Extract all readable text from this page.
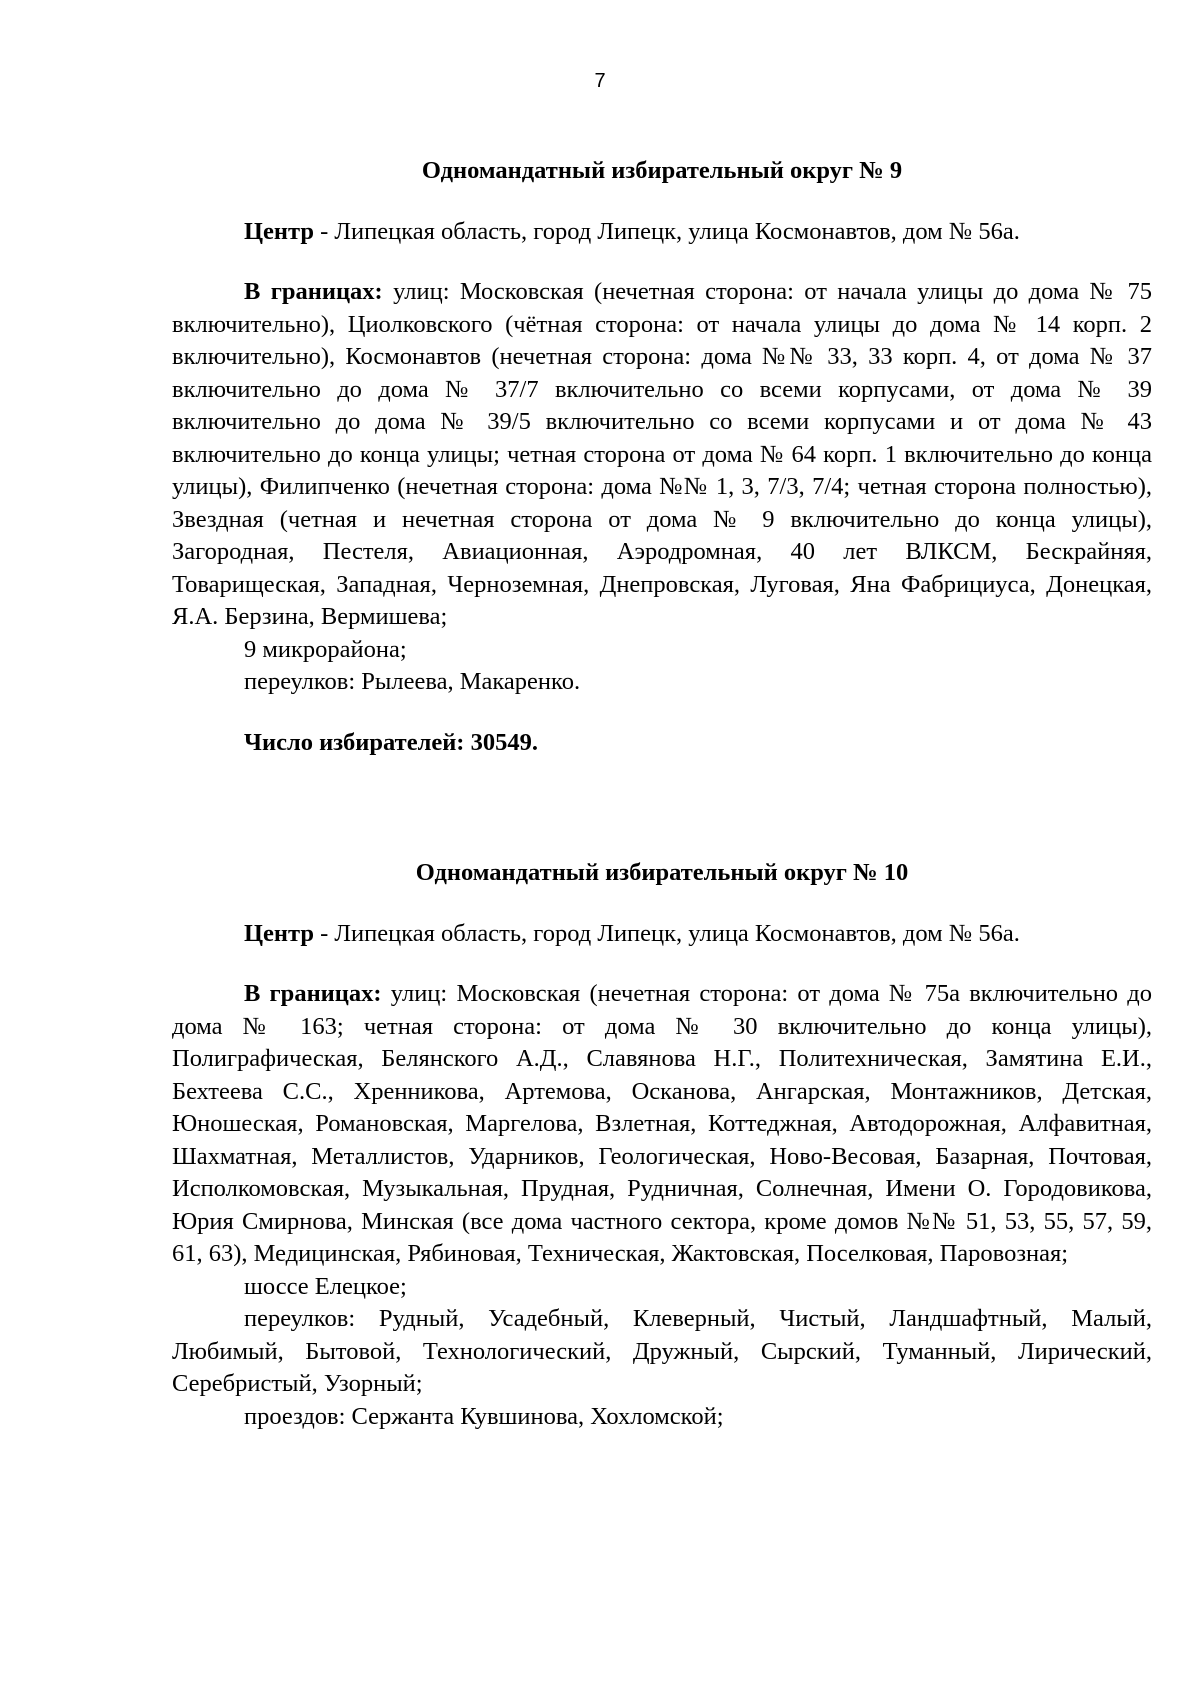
7

Одномандатный избирательный округ № 9

Центр - Липецкая область, город Липецк, улица Космонавтов, дом № 56а.

В границах: улиц: Московская (нечетная сторона: от начала улицы до дома № 75 включительно), Циолковского (чётная сторона: от начала улицы до дома № 14 корп. 2 включительно), Космонавтов (нечетная сторона: дома №№ 33, 33 корп. 4, от дома № 37 включительно до дома № 37/7 включительно со всеми корпусами, от дома № 39 включительно до дома № 39/5 включительно со всеми корпусами и от дома № 43 включительно до конца улицы; четная сторона от дома № 64 корп. 1 включительно до конца улицы), Филипченко (нечетная сторона: дома №№ 1, 3, 7/3, 7/4; четная сторона полностью), Звездная (четная и нечетная сторона от дома № 9 включительно до конца улицы), Загородная, Пестеля, Авиационная, Аэродромная, 40 лет ВЛКСМ, Бескрайняя, Товарищеская, Западная, Черноземная, Днепровская, Луговая, Яна Фабрициуса, Донецкая, Я.А. Берзина, Вермишева;

9 микрорайона;

переулков: Рылеева, Макаренко.

Число избирателей: 30549.

Одномандатный избирательный округ № 10

Центр - Липецкая область, город Липецк, улица Космонавтов, дом № 56а.

В границах: улиц: Московская (нечетная сторона: от дома № 75а включительно до дома № 163; четная сторона: от дома № 30 включительно до конца улицы), Полиграфическая, Белянского А.Д., Славянова Н.Г., Политехническая, Замятина Е.И., Бехтеева С.С., Хренникова, Артемова, Осканова, Ангарская, Монтажников, Детская, Юношеская, Романовская, Маргелова, Взлетная, Коттеджная, Автодорожная, Алфавитная, Шахматная, Металлистов, Ударников, Геологическая, Ново-Весовая, Базарная, Почтовая, Исполкомовская, Музыкальная, Прудная, Рудничная, Солнечная, Имени О. Городовикова, Юрия Смирнова, Минская (все дома частного сектора, кроме домов №№ 51, 53, 55, 57, 59, 61, 63), Медицинская, Рябиновая, Техническая, Жактовская, Поселковая, Паровозная;

шоссе Елецкое;

переулков: Рудный, Усадебный, Клеверный, Чистый, Ландшафтный, Малый, Любимый, Бытовой, Технологический, Дружный, Сырский, Туманный, Лирический, Серебристый, Узорный;

проездов: Сержанта Кувшинова, Хохломской;
